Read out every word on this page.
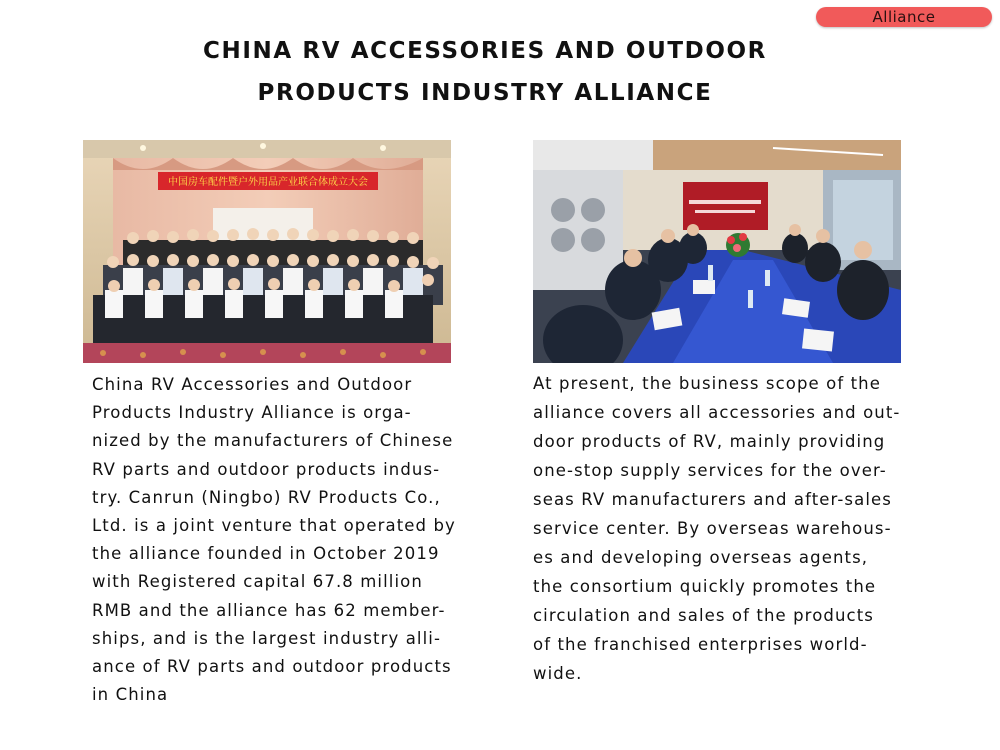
Alliance
CHINA RV ACCESSORIES AND OUTDOOR
PRODUCTS INDUSTRY ALLIANCE
中国房车配件暨户外用品产业联合体成立大会
China RV Accessories and Outdoor
Products Industry Alliance is orga-
nized by the manufacturers of Chinese
RV parts and outdoor products indus-
try. Canrun (Ningbo) RV Products Co.,
Ltd. is a joint venture that operated by
the alliance founded in October 2019
with Registered capital 67.8 million
RMB and the alliance has 62 member-
ships, and is the largest industry alli-
ance of RV parts and outdoor products
in China
At present, the business scope of the
alliance covers all accessories and out-
door products of RV, mainly providing
one-stop supply services for the over-
seas RV manufacturers and after-sales
service center. By overseas warehous-
es and developing overseas agents,
the consortium quickly promotes the
circulation and sales of the products
of the franchised enterprises world-
wide.
